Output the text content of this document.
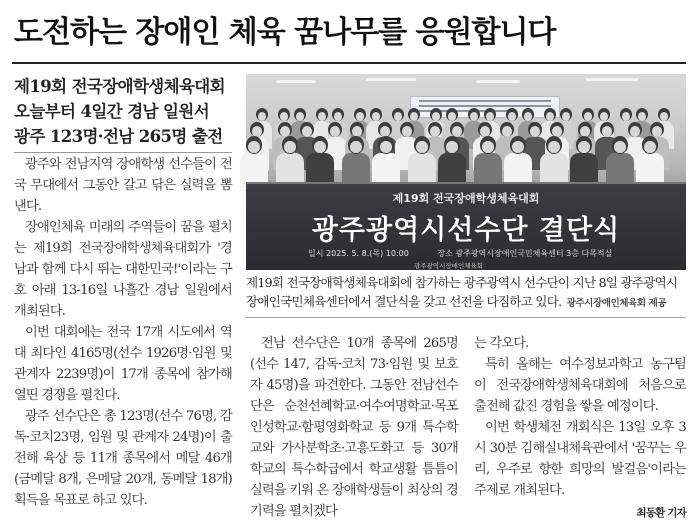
도전하는 장애인 체육 꿈나무를 응원합니다
제19회 전국장애학생체육대회
오늘부터 4일간 경남 일원서
광주 123명·전남 265명 출전

광주와 전남지역 장애학생 선수들이 전국 무대에서 그동안 갈고 닦은 실력을 뽐낸다.

장애인체육 미래의 주역들이 꿈을 펼치는 제19회 전국장애학생체육대회가 '경남과 함께 다시 뛰는 대한민국!'이라는 구호 아래 13-16일 나흘간 경남 일원에서 개최된다.

이번 대회에는 전국 17개 시도에서 역대 최다인 4165명(선수 1926명·임원 및 관계자 2239명)이 17개 종목에 참가해 열띤 경쟁을 펼친다.

광주 선수단은 총 123명(선수 76명, 감독·코치23명, 임원 및 관계자 24명)이 출전해 육상 등 11개 종목에서 메달 46개(금메달 8개, 은메달 20개, 동메달 18개) 획득을 목표로 하고 있다.

제19회 전국장애학생체육대회
광주광역시선수단 결단식
일시 2025. 5. 8.(목) 10:00	장소 광주광역시장애인국민체육센터 3층 다목적실
광주광역시장애인체육회
제19회 전국장애학생체육대회에 참가하는 광주광역시 선수단이 지난 8일 광주광역시장애인국민체육센터에서 결단식을 갖고 선전을 다짐하고 있다. 광주시장애인체육회 제공

전남 선수단은 10개 종목에 265명(선수 147, 감독·코치 73·임원 및 보호자 45명)을 파견한다. 그동안 전남선수단은 순천선혜학교·여수여명학교·목포인성학교·함평영화학교 등 9개 특수학교와 가사분학초·고흥도화고 등 30개 학교의 특수학급에서 학교생활 틈틈이 실력을 키워 온 장애학생들이 최상의 경기력을 펼치겠다

는 각오다.

특히 올해는 여수정보과학고 농구팀이 전국장애학생체육대회에 처음으로 출전해 값진 경험을 쌓을 예정이다.

이번 학생체전 개회식은 13일 오후 3시 30분 김해실내체육관에서 '꿈꾸는 우리, 우주로 향한 희망의 발걸음'이라는 주제로 개최된다.

최동환 기자
